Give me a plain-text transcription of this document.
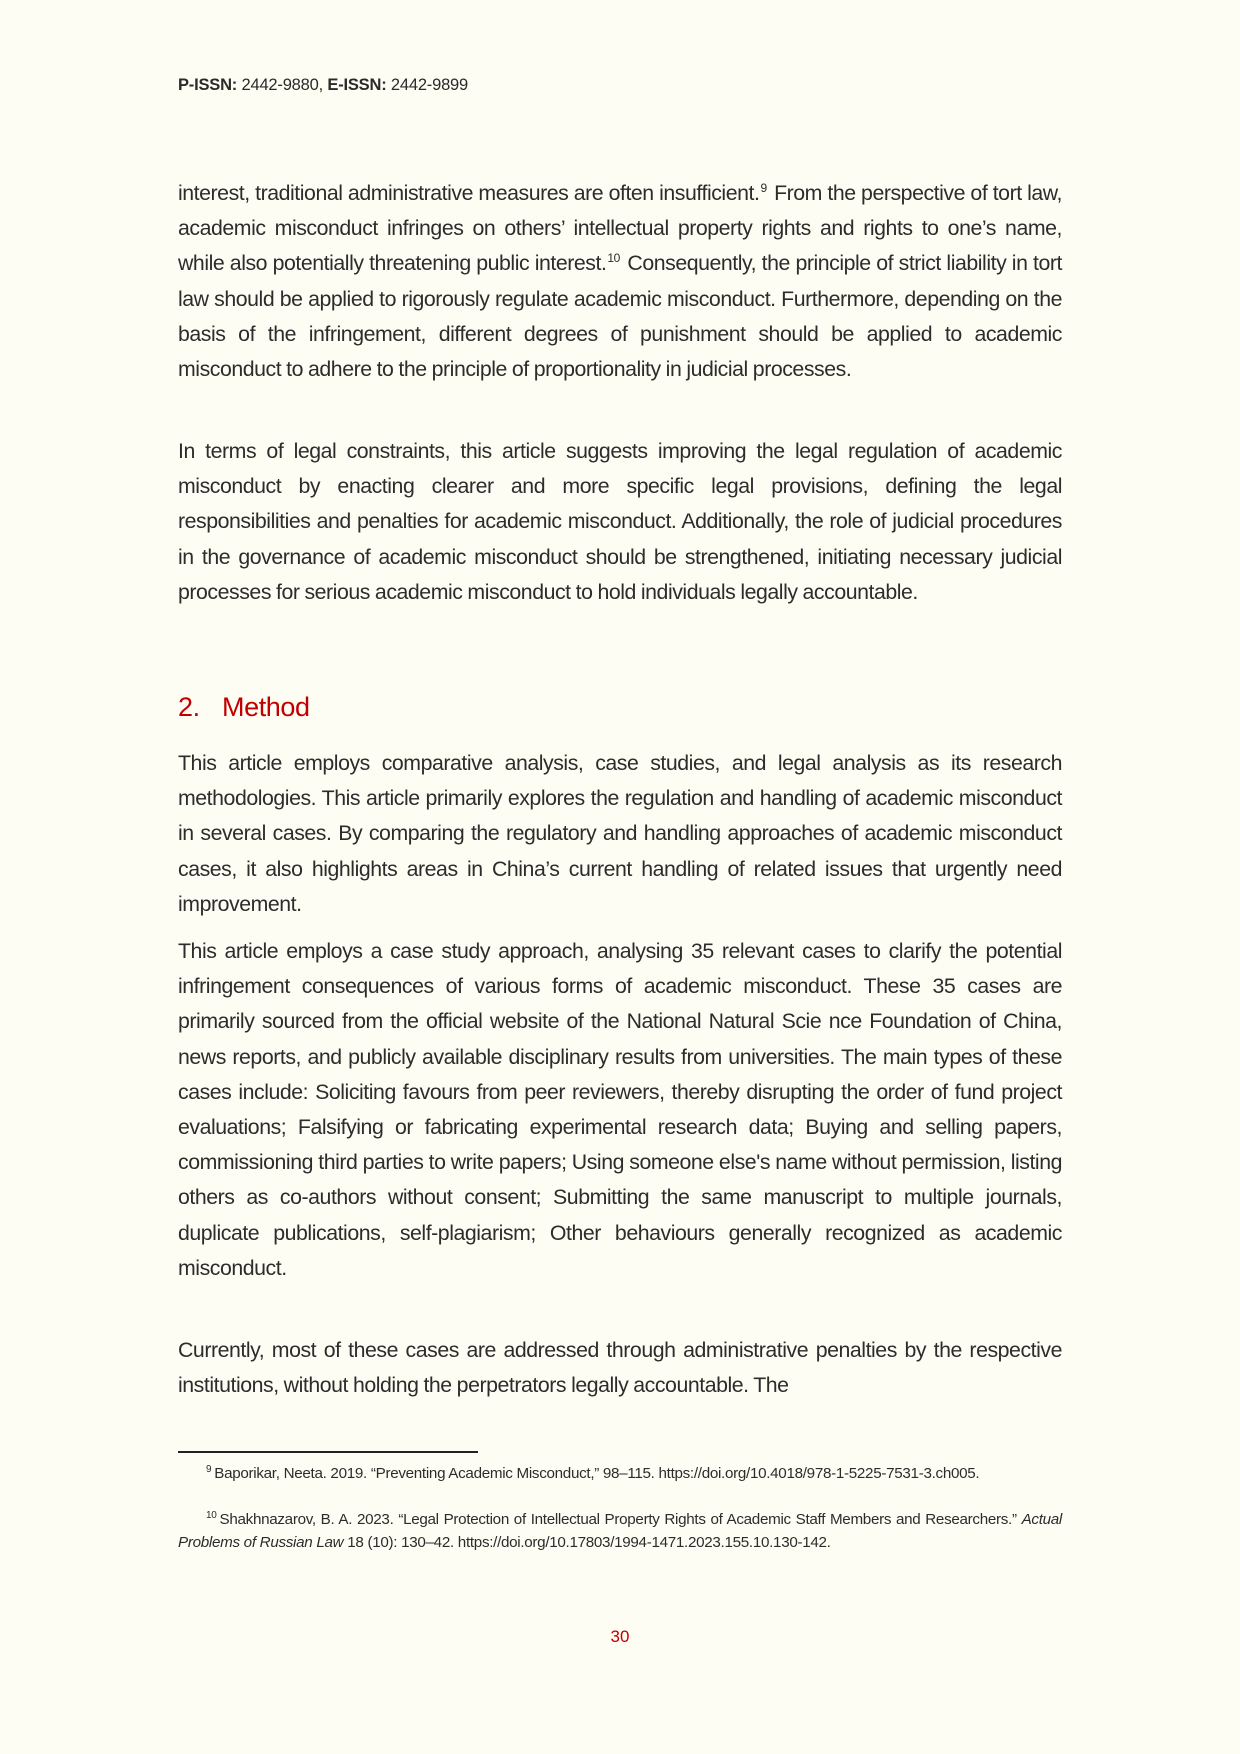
P-ISSN: 2442-9880, E-ISSN: 2442-9899

interest, traditional administrative measures are often insufficient.$^9$ From the perspective of tort law, academic misconduct infringes on others’ intellectual property rights and rights to one’s name, while also potentially threatening public interest.$^{10}$ Consequently, the principle of strict liability in tort law should be applied to rigorously regulate academic misconduct. Furthermore, depending on the basis of the infringement, different degrees of punishment should be applied to academic misconduct to adhere to the principle of proportionality in judicial processes.

In terms of legal constraints, this article suggests improving the legal regulation of academic misconduct by enacting clearer and more specific legal provisions, defining the legal responsibilities and penalties for academic misconduct. Additionally, the role of judicial procedures in the governance of academic misconduct should be strengthened, initiating necessary judicial processes for serious academic misconduct to hold individuals legally accountable.

2. Method

This article employs comparative analysis, case studies, and legal analysis as its research methodologies. This article primarily explores the regulation and handling of academic misconduct in several cases. By comparing the regulatory and handling approaches of academic misconduct cases, it also highlights areas in China’s current handling of related issues that urgently need improvement.

This article employs a case study approach, analysing 35 relevant cases to clarify the potential infringement consequences of various forms of academic misconduct. These 35 cases are primarily sourced from the official website of the National Natural Scie nce Foundation of China, news reports, and publicly available disciplinary results from universities. The main types of these cases include: Soliciting favours from peer reviewers, thereby disrupting the order of fund project evaluations; Falsifying or fabricating experimental research data; Buying and selling papers, commissioning third parties to write papers; Using someone else's name without permission, listing others as co-authors without consent; Submitting the same manuscript to multiple journals, duplicate publications, self-plagiarism; Other behaviours generally recognized as academic misconduct.

Currently, most of these cases are addressed through administrative penalties by the respective institutions, without holding the perpetrators legally accountable. The

$^9$ Baporikar, Neeta. 2019. “Preventing Academic Misconduct,” 98–115. https://doi.org/10.4018/978-1-5225-7531-3.ch005.

$^{10}$ Shakhnazarov, B. A. 2023. “Legal Protection of Intellectual Property Rights of Academic Staff Members and Researchers.” Actual Problems of Russian Law 18 (10): 130–42. https://doi.org/10.17803/1994-1471.2023.155.10.130-142.

30
